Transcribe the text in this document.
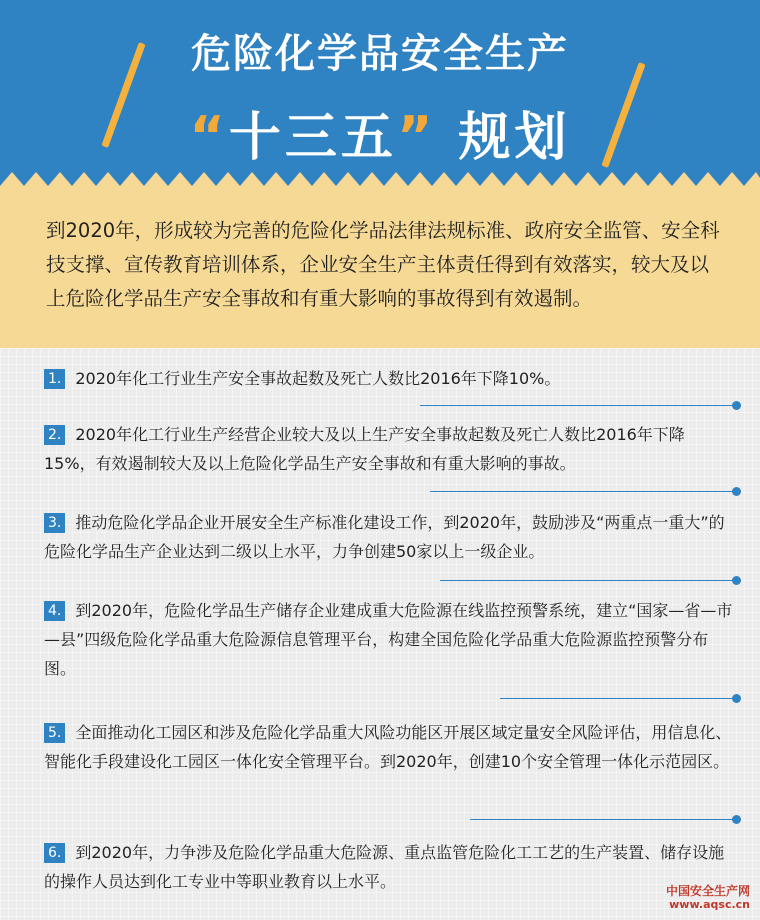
危险化学品安全生产
“十三五” 规划
到2020年，形成较为完善的危险化学品法律法规标准、政府安全监管、安全科技支撑、宣传教育培训体系，企业安全生产主体责任得到有效落实，较大及以上危险化学品生产安全事故和有重大影响的事故得到有效遏制。
1. 2020年化工行业生产安全事故起数及死亡人数比2016年下降10%。
2. 2020年化工行业生产经营企业较大及以上生产安全事故起数及死亡人数比2016年下降15%，有效遏制较大及以上危险化学品生产安全事故和有重大影响的事故。
3. 推动危险化学品企业开展安全生产标准化建设工作，到2020年，鼓励涉及“两重点一重大”的危险化学品生产企业达到二级以上水平，力争创建50家以上一级企业。
4. 到2020年，危险化学品生产储存企业建成重大危险源在线监控预警系统，建立“国家—省—市—县”四级危险化学品重大危险源信息管理平台，构建全国危险化学品重大危险源监控预警分布图。
5. 全面推动化工园区和涉及危险化学品重大风险功能区开展区域定量安全风险评估，用信息化、智能化手段建设化工园区一体化安全管理平台。到2020年，创建10个安全管理一体化示范园区。
6. 到2020年，力争涉及危险化学品重大危险源、重点监管危险化工工艺的生产装置、储存设施的操作人员达到化工专业中等职业教育以上水平。	中国安全生产网
www.aqsc.cn
